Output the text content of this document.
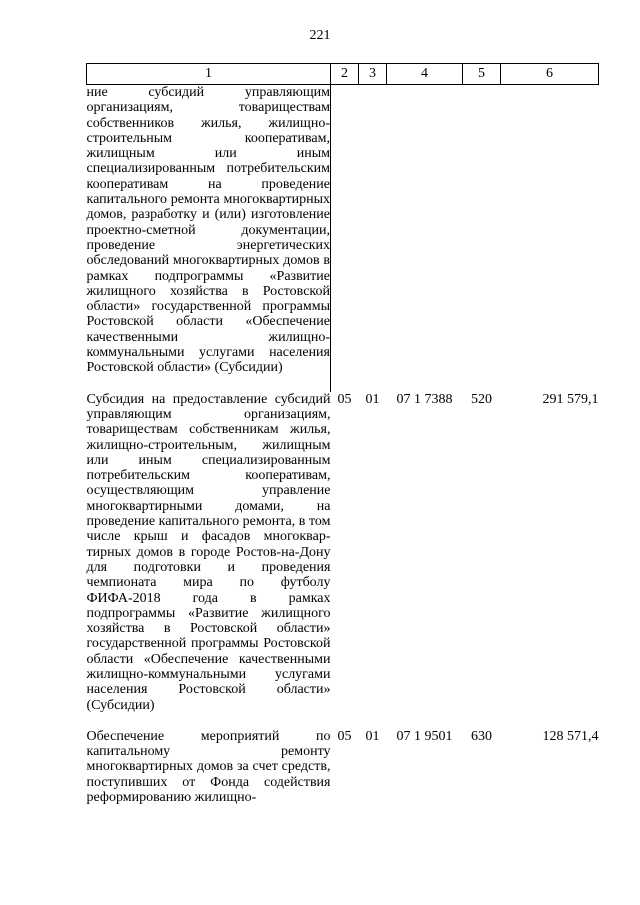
221
1	2	3	4	5	6
ние субсидий управляющим организациям, товариществам собственников жилья, жилищно-строительным кооперативам, жилищным или иным специализированным потребительским кооперативам на проведение капитального ремонта многоквартирных домов, разработку и (или) изготовление проектно-сметной документации, проведение энергетических обследований многоквартирных домов в рамках подпрограммы «Развитие жилищного хозяйства в Ростовской области» государственной программы Ростовской области «Обеспечение качественными жилищно-коммунальными услугами населения Ростовской области» (Субсидии)					
Субсидия на предоставление субсидий управляющим организациям, товариществам собственникам жилья, жилищно-строительным, жилищным или иным специализированным потребительским кооперативам, осуществляющим управление многоквартирными домами, на проведение капитального ремонта, в том числе крыш и фасадов многоквар-тирных домов в городе Ростов-на-Дону для подготовки и проведения чемпионата мира по футболу ФИФА-2018 года в рамках подпрограммы «Развитие жилищного хозяйства в Ростовской области» государственной программы Ростовской области «Обеспечение качественными жилищно-коммунальными услугами населения Ростовской области» (Субсидии)	05	01	07 1 7388	520	291 579,1
Обеспечение мероприятий по капитальному ремонту многоквартирных домов за счет средств, поступивших от Фонда содействия реформированию жилищно-	05	01	07 1 9501	630	128 571,4
